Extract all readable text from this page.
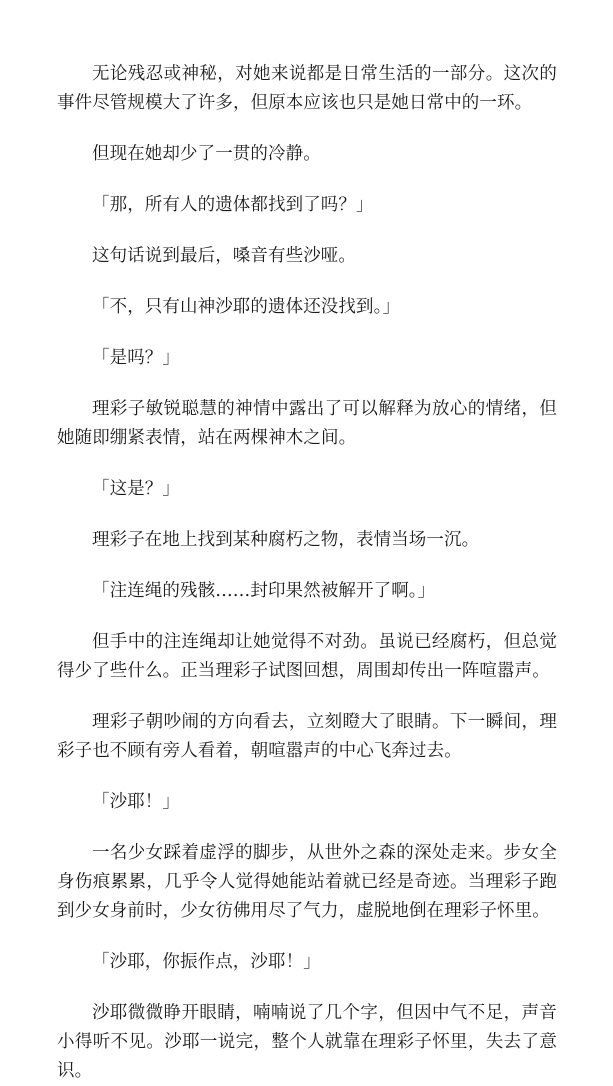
无论残忍或神秘，对她来说都是日常生活的一部分。这次的事件尽管规模大了许多，但原本应该也只是她日常中的一环。

但现在她却少了一贯的冷静。

「那，所有人的遗体都找到了吗？」

这句话说到最后，嗓音有些沙哑。

「不，只有山神沙耶的遗体还没找到。」

「是吗？」

理彩子敏锐聪慧的神情中露出了可以解释为放心的情绪，但她随即绷紧表情，站在两棵神木之间。

「这是？」

理彩子在地上找到某种腐朽之物，表情当场一沉。

「注连绳的残骸……封印果然被解开了啊。」

但手中的注连绳却让她觉得不对劲。虽说已经腐朽，但总觉得少了些什么。正当理彩子试图回想，周围却传出一阵喧嚣声。

理彩子朝吵闹的方向看去，立刻瞪大了眼睛。下一瞬间，理彩子也不顾有旁人看着，朝喧嚣声的中心飞奔过去。

「沙耶！」

一名少女踩着虚浮的脚步，从世外之森的深处走来。步女全身伤痕累累，几乎令人觉得她能站着就已经是奇迹。当理彩子跑到少女身前时，少女彷佛用尽了气力，虚脱地倒在理彩子怀里。

「沙耶，你振作点，沙耶！」

沙耶微微睁开眼睛，喃喃说了几个字，但因中气不足，声音小得听不见。沙耶一说完，整个人就靠在理彩子怀里，失去了意识。
